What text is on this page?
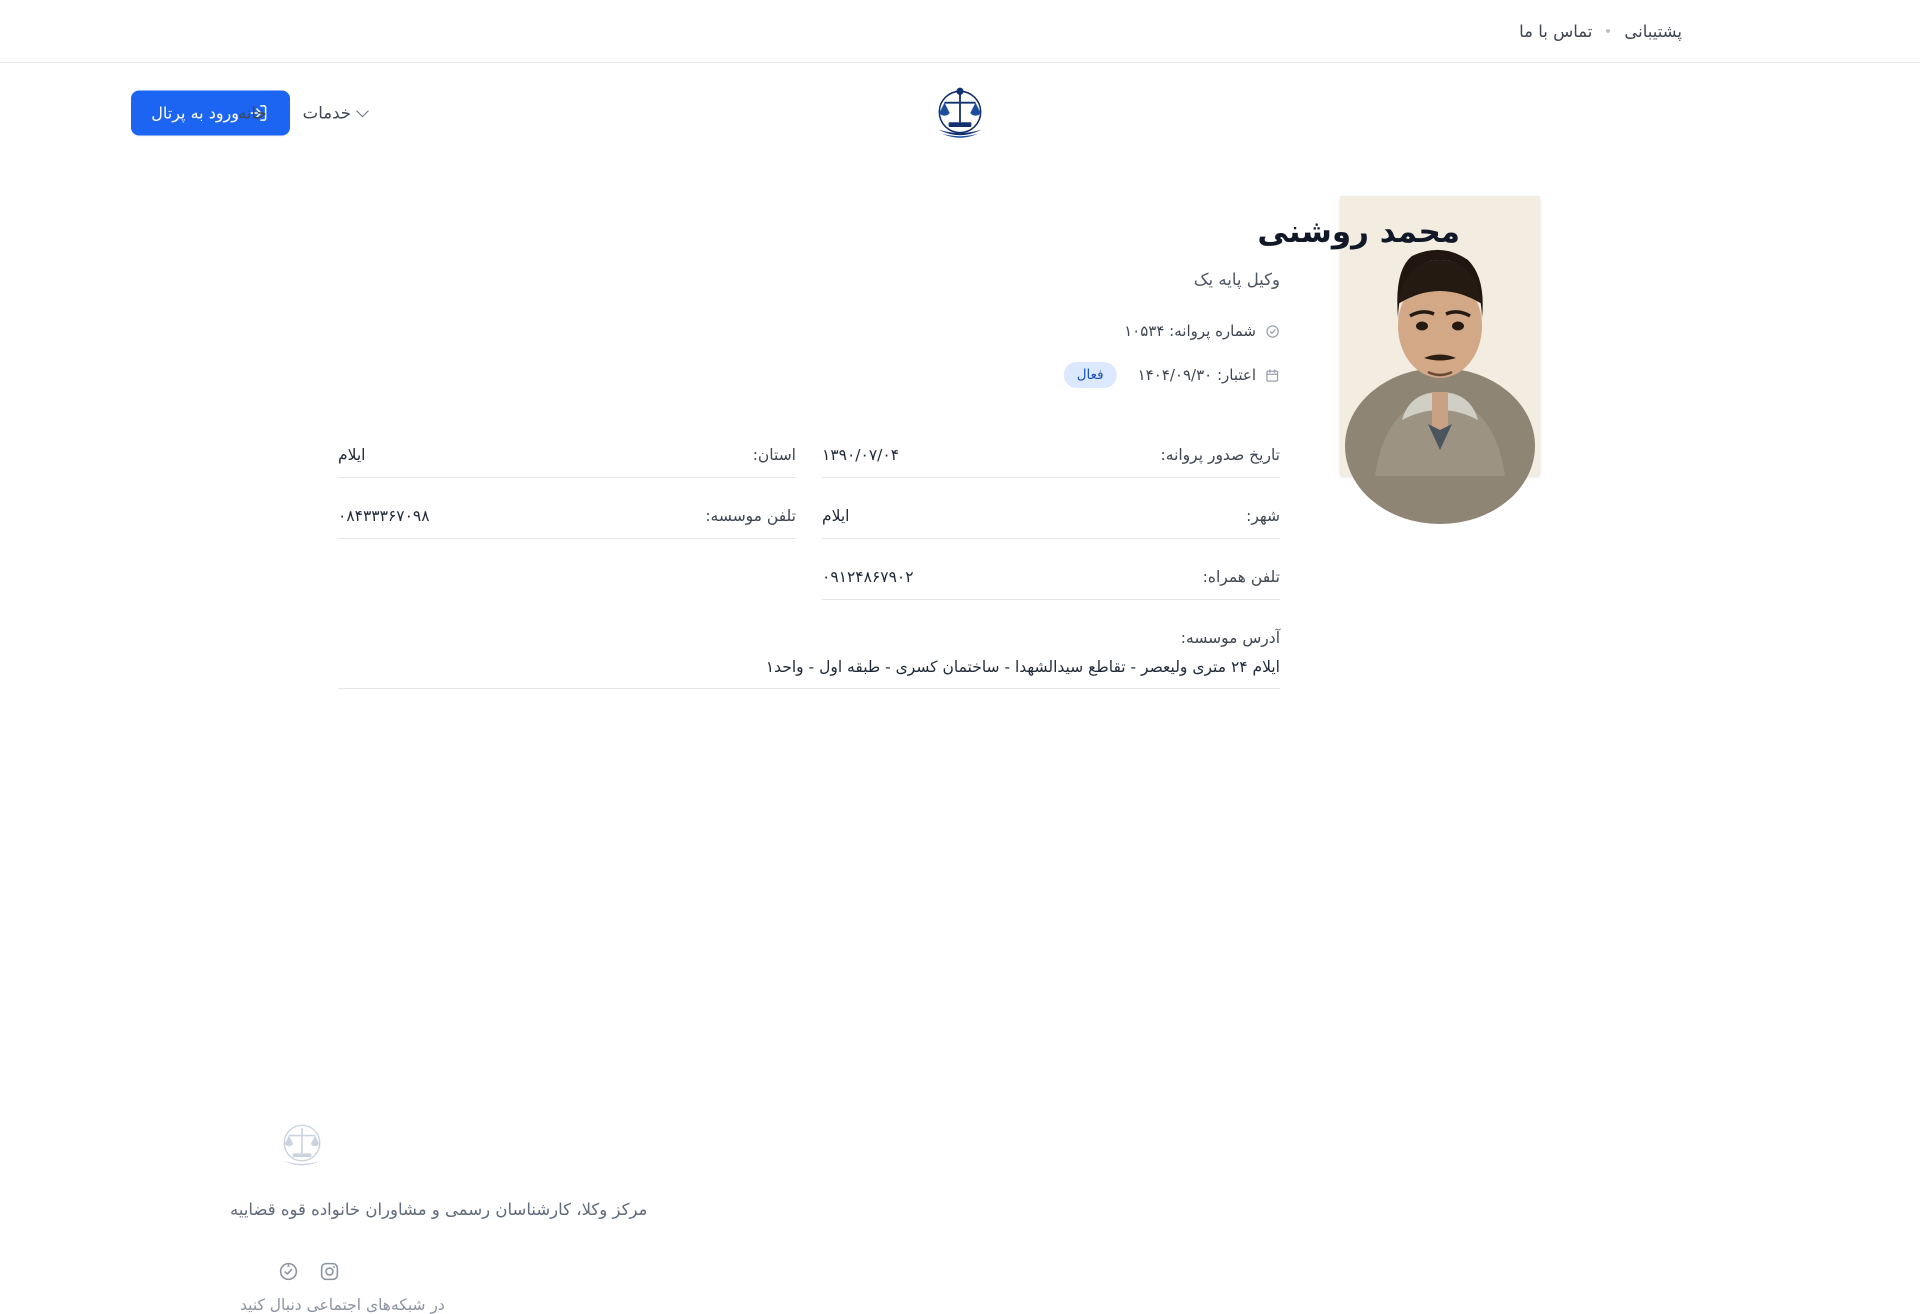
پشتیبانی
تماس با ما
ورود به پرتال	خدمات
خانه
محمد روشنی
وکیل پایه یک
شماره پروانه: ۱۰۵۳۴
اعتبار: ۱۴۰۴/۰۹/۳۰
فعال
تاریخ صدور پروانه:
۱۳۹۰/۰۷/۰۴
استان:
ایلام
شهر:
ایلام
تلفن موسسه:
۰۸۴۳۳۳۶۷۰۹۸
تلفن همراه:
۰۹۱۲۴۸۶۷۹۰۲
آدرس موسسه:
ایلام ۲۴ متری ولیعصر - تقاطع سیدالشهدا - ساختمان کسری - طبقه اول - واحد۱
مرکز وکلا، کارشناسان رسمی و مشاوران خانواده قوه قضاییه
در شبکه‌های اجتماعی دنبال کنید
